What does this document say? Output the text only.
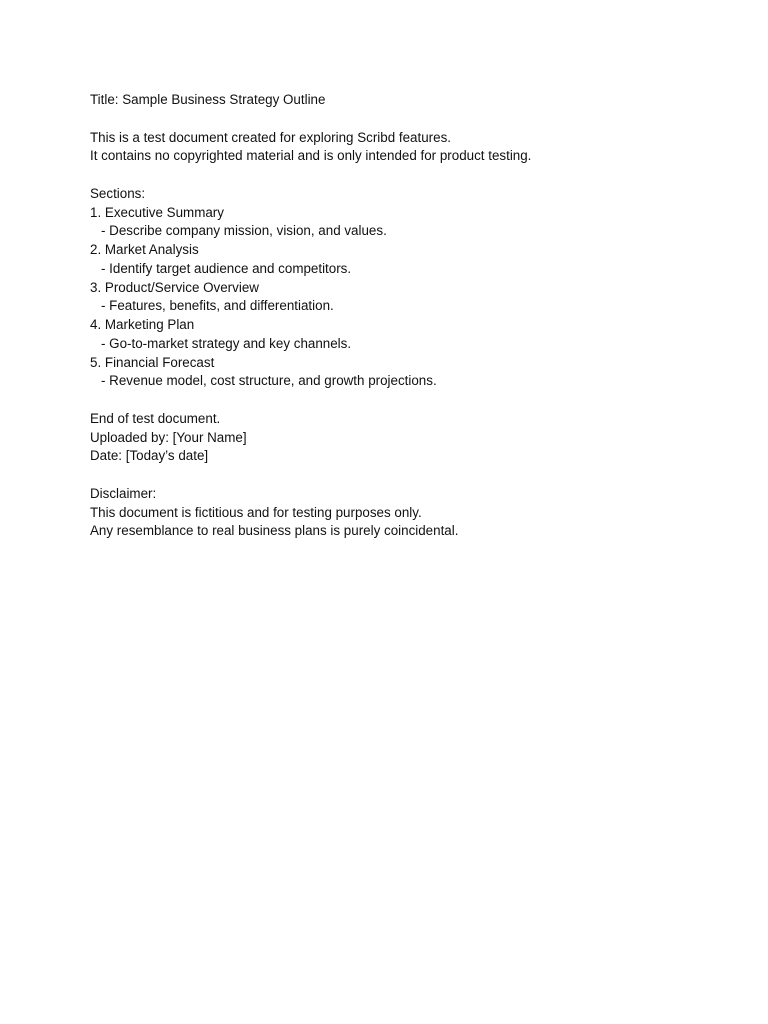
Title: Sample Business Strategy Outline
This is a test document created for exploring Scribd features.
It contains no copyrighted material and is only intended for product testing.
Sections:
1. Executive Summary
- Describe company mission, vision, and values.
2. Market Analysis
- Identify target audience and competitors.
3. Product/Service Overview
- Features, benefits, and differentiation.
4. Marketing Plan
- Go-to-market strategy and key channels.
5. Financial Forecast
- Revenue model, cost structure, and growth projections.
End of test document.
Uploaded by: [Your Name]
Date: [Today’s date]
Disclaimer:
This document is fictitious and for testing purposes only.
Any resemblance to real business plans is purely coincidental.
